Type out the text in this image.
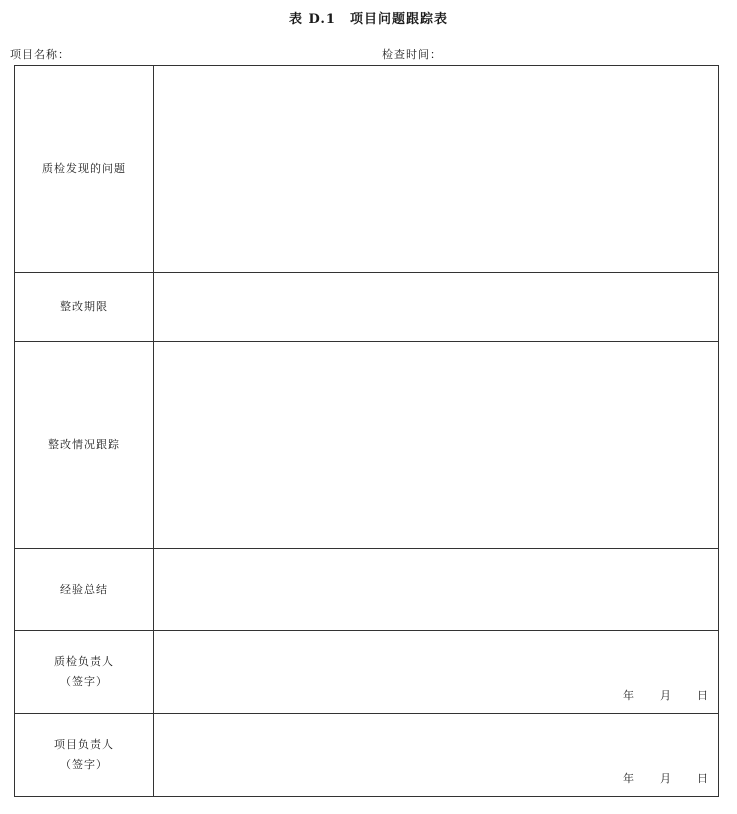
表 D.1　项目问题跟踪表
项目名称：	检查时间：
质检发现的问题	
整改期限	
整改情况跟踪	
经验总结	

质检负责人
（签字）	年 月 日

项目负责人
（签字）	年 月 日
